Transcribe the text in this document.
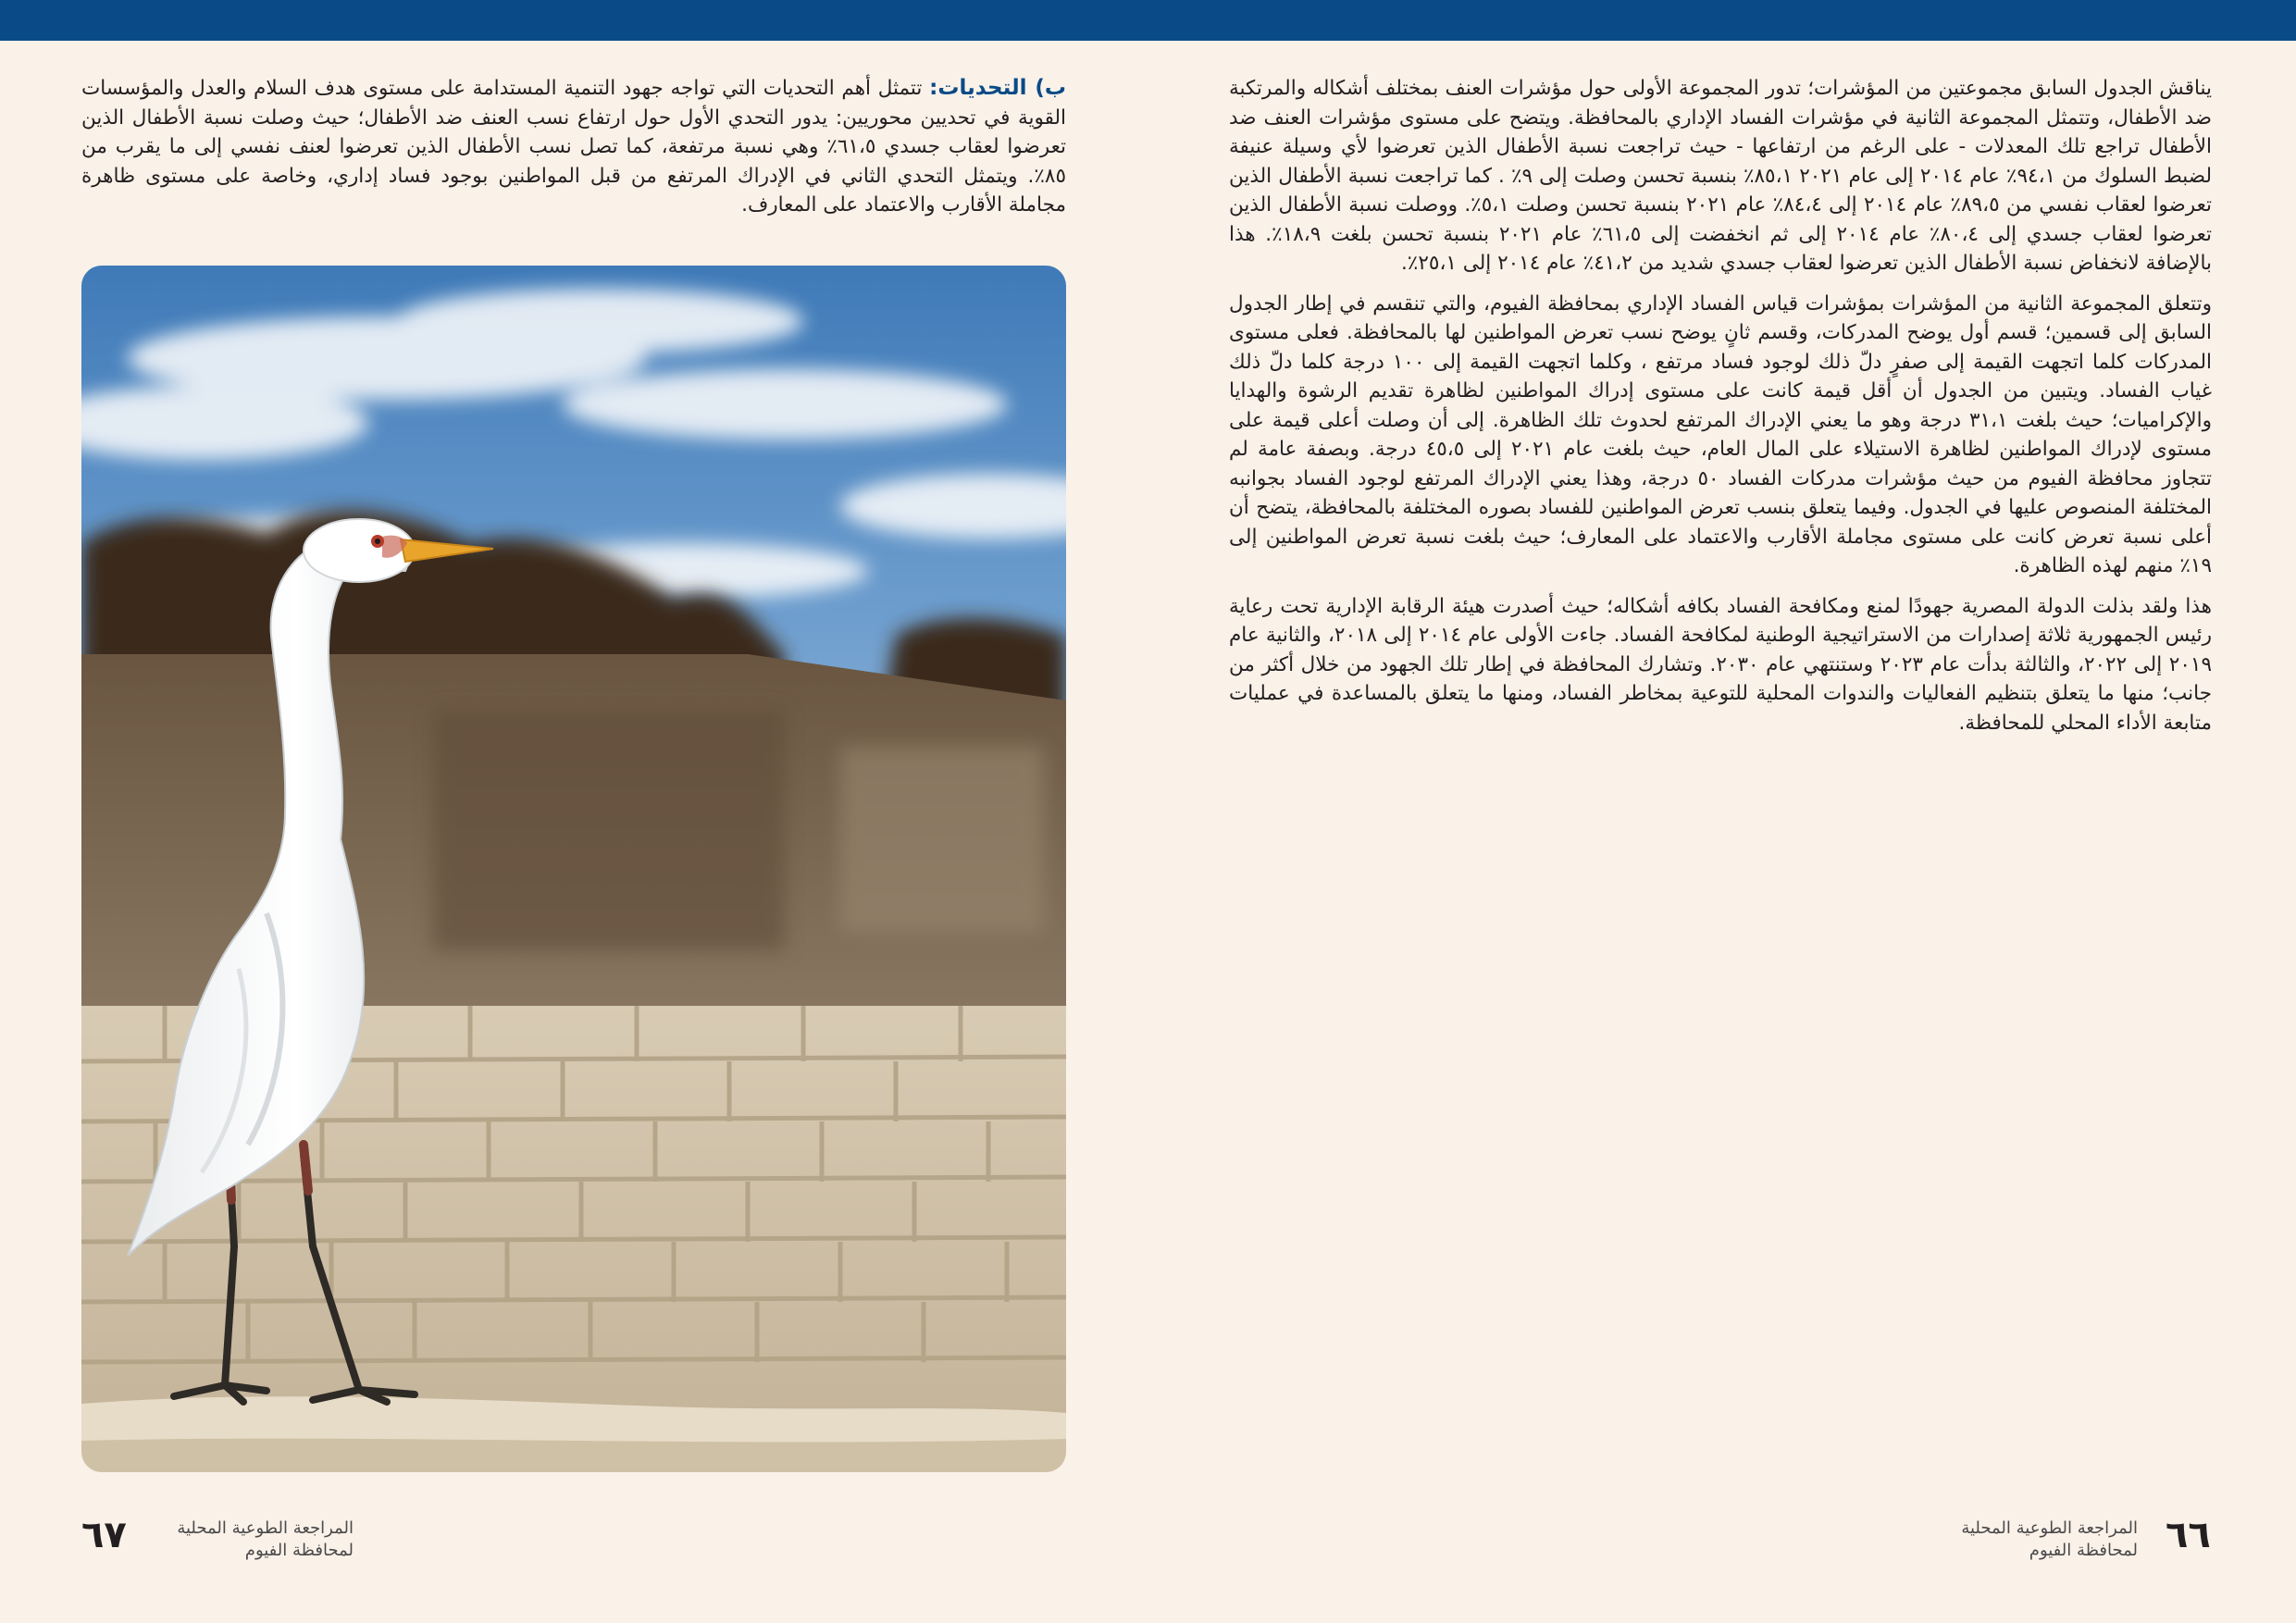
يناقش الجدول السابق مجموعتين من المؤشرات؛ تدور المجموعة الأولى حول مؤشرات العنف بمختلف أشكاله والمرتكبة ضد الأطفال، وتتمثل المجموعة الثانية في مؤشرات الفساد الإداري بالمحافظة. ويتضح على مستوى مؤشرات العنف ضد الأطفال تراجع تلك المعدلات - على الرغم من ارتفاعها - حيث تراجعت نسبة الأطفال الذين تعرضوا لأي وسيلة عنيفة لضبط السلوك من ٩٤،١٪ عام ٢٠١٤ إلى عام ٢٠٢١ ٨٥،١٪ بنسبة تحسن وصلت إلى ٩٪ . كما تراجعت نسبة الأطفال الذين تعرضوا لعقاب نفسي من ٨٩،٥٪ عام ٢٠١٤ إلى ٨٤،٤٪ عام ٢٠٢١ بنسبة تحسن وصلت ٥،١٪. ووصلت نسبة الأطفال الذين تعرضوا لعقاب جسدي إلى ٨٠،٤٪ عام ٢٠١٤ إلى ثم انخفضت إلى ٦١،٥٪ عام ٢٠٢١ بنسبة تحسن بلغت ١٨،٩٪. هذا بالإضافة لانخفاض نسبة الأطفال الذين تعرضوا لعقاب جسدي شديد من ٤١،٢٪ عام ٢٠١٤ إلى ٢٥،١٪.

وتتعلق المجموعة الثانية من المؤشرات بمؤشرات قياس الفساد الإداري بمحافظة الفيوم، والتي تنقسم في إطار الجدول السابق إلى قسمين؛ قسم أول يوضح المدركات، وقسم ثانٍ يوضح نسب تعرض المواطنين لها بالمحافظة. فعلى مستوى المدركات كلما اتجهت القيمة إلى صفرٍ دلّ ذلك لوجود فساد مرتفع ، وكلما اتجهت القيمة إلى ١٠٠ درجة كلما دلّ ذلك غياب الفساد. ويتبين من الجدول أن أقل قيمة كانت على مستوى إدراك المواطنين لظاهرة تقديم الرشوة والهدايا والإكراميات؛ حيث بلغت ٣١،١ درجة وهو ما يعني الإدراك المرتفع لحدوث تلك الظاهرة. إلى أن وصلت أعلى قيمة على مستوى لإدراك المواطنين لظاهرة الاستيلاء على المال العام، حيث بلغت عام ٢٠٢١ إلى ٤٥،٥ درجة. وبصفة عامة لم تتجاوز محافظة الفيوم من حيث مؤشرات مدركات الفساد ٥٠ درجة، وهذا يعني الإدراك المرتفع لوجود الفساد بجوانبه المختلفة المنصوص عليها في الجدول. وفيما يتعلق بنسب تعرض المواطنين للفساد بصوره المختلفة بالمحافظة، يتضح أن أعلى نسبة تعرض كانت على مستوى مجاملة الأقارب والاعتماد على المعارف؛ حيث بلغت نسبة تعرض المواطنين إلى ١٩٪ منهم لهذه الظاهرة.

هذا ولقد بذلت الدولة المصرية جهودًا لمنع ومكافحة الفساد بكافه أشكاله؛ حيث أصدرت هيئة الرقابة الإدارية تحت رعاية رئيس الجمهورية ثلاثة إصدارات من الاستراتيجية الوطنية لمكافحة الفساد. جاءت الأولى عام ٢٠١٤ إلى ٢٠١٨، والثانية عام ٢٠١٩ إلى ٢٠٢٢، والثالثة بدأت عام ٢٠٢٣ وستنتهي عام ٢٠٣٠. وتشارك المحافظة في إطار تلك الجهود من خلال أكثر من جانب؛ منها ما يتعلق بتنظيم الفعاليات والندوات المحلية للتوعية بمخاطر الفساد، ومنها ما يتعلق بالمساعدة في عمليات متابعة الأداء المحلي للمحافظة.

ب) التحديات: تتمثل أهم التحديات التي تواجه جهود التنمية المستدامة على مستوى هدف السلام والعدل والمؤسسات القوية في تحديين محوريين: يدور التحدي الأول حول ارتفاع نسب العنف ضد الأطفال؛ حيث وصلت نسبة الأطفال الذين تعرضوا لعقاب جسدي ٦١،٥٪ وهي نسبة مرتفعة، كما تصل نسب الأطفال الذين تعرضوا لعنف نفسي إلى ما يقرب من ٨٥٪. ويتمثل التحدي الثاني في الإدراك المرتفع من قبل المواطنين بوجود فساد إداري، وخاصة على مستوى ظاهرة مجاملة الأقارب والاعتماد على المعارف.

٦٦
المراجعة الطوعية المحلية
لمحافظة الفيوم
٦٧	المراجعة الطوعية المحلية
لمحافظة الفيوم
